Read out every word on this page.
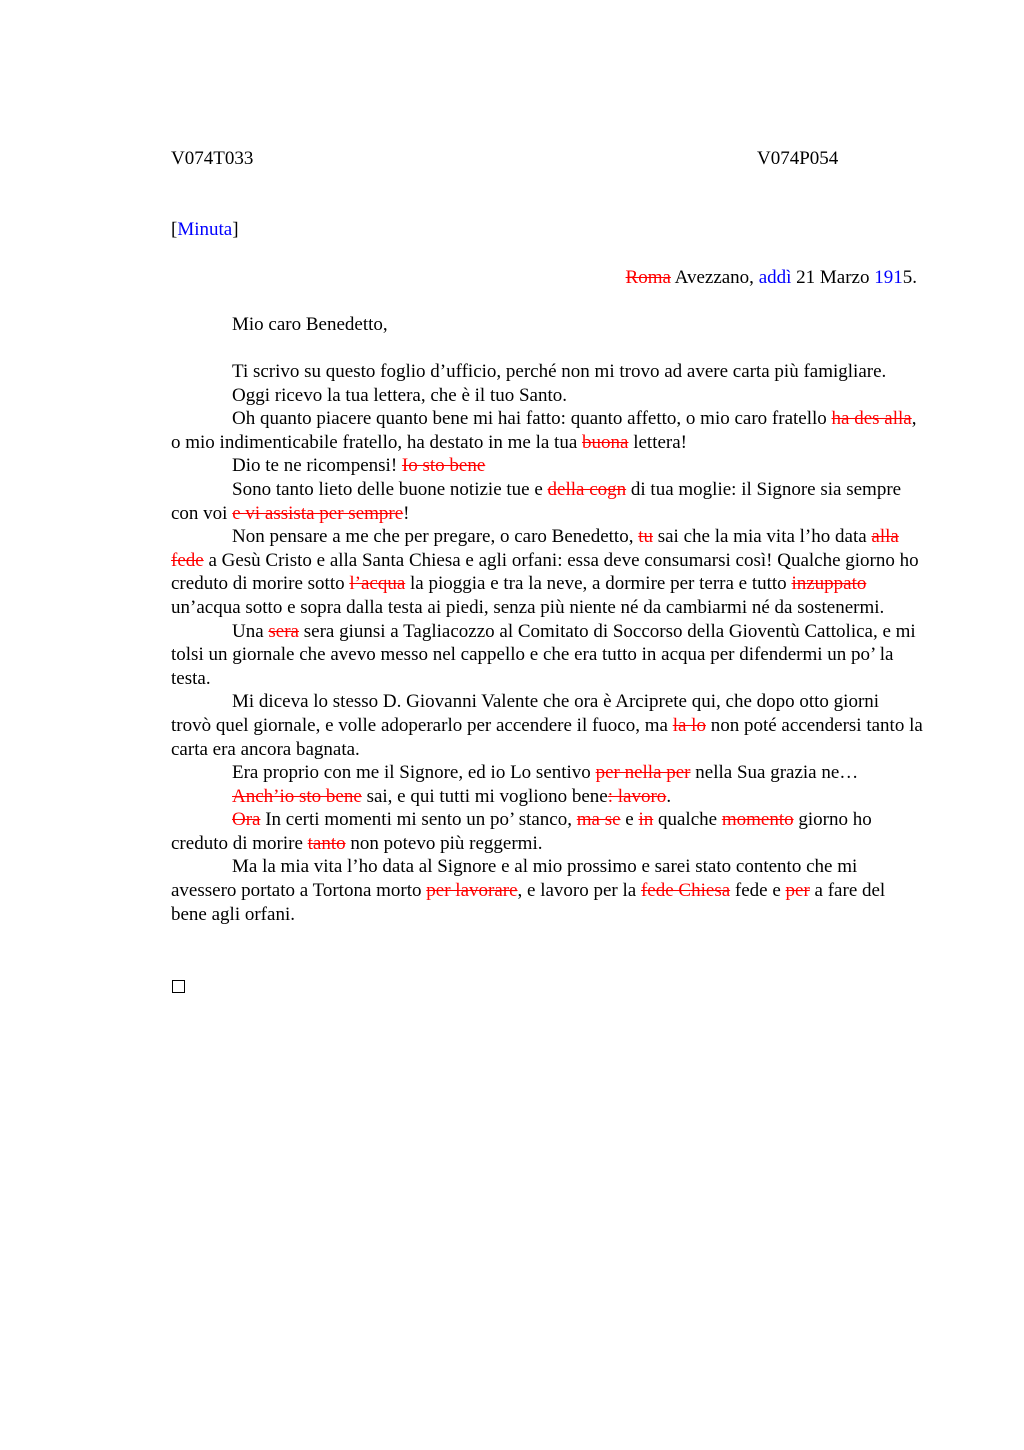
V074T033	V074P054
[Minuta]
Roma Avezzano, addì 21 Marzo 1915.
Mio caro Benedetto,

Ti scrivo su questo foglio d’ufficio, perché non mi trovo ad avere carta più famigliare.

Oggi ricevo la tua lettera, che è il tuo Santo.

Oh quanto piacere quanto bene mi hai fatto: quanto affetto, o mio caro fratello ha des alla, o mio indimenticabile fratello, ha destato in me la tua buona lettera!

Dio te ne ricompensi! Io sto bene

Sono tanto lieto delle buone notizie tue e della cogn di tua moglie: il Signore sia sempre con voi e vi assista per sempre!

Non pensare a me che per pregare, o caro Benedetto, tu sai che la mia vita l’ho data alla fede a Gesù Cristo e alla Santa Chiesa e agli orfani: essa deve consumarsi così! Qualche giorno ho creduto di morire sotto l’acqua la pioggia e tra la neve, a dormire per terra e tutto inzuppato un’acqua sotto e sopra dalla testa ai piedi, senza più niente né da cambiarmi né da sostenermi.

Una sera sera giunsi a Tagliacozzo al Comitato di Soccorso della Gioventù Cattolica, e mi tolsi un giornale che avevo messo nel cappello e che era tutto in acqua per difendermi un po’ la testa.

Mi diceva lo stesso D. Giovanni Valente che ora è Arciprete qui, che dopo otto giorni trovò quel giornale, e volle adoperarlo per accendere il fuoco, ma la lo non poté accendersi tanto la carta era ancora bagnata.

Era proprio con me il Signore, ed io Lo sentivo per nella per nella Sua grazia ne…

Anch’io sto bene sai, e qui tutti mi vogliono bene: lavoro.

Ora In certi momenti mi sento un po’ stanco, ma se e in qualche momento giorno ho creduto di morire tanto non potevo più reggermi.

Ma la mia vita l’ho data al Signore e al mio prossimo e sarei stato contento che mi avessero portato a Tortona morto per lavorare, e lavoro per la fede Chiesa fede e per a fare del bene agli orfani.
